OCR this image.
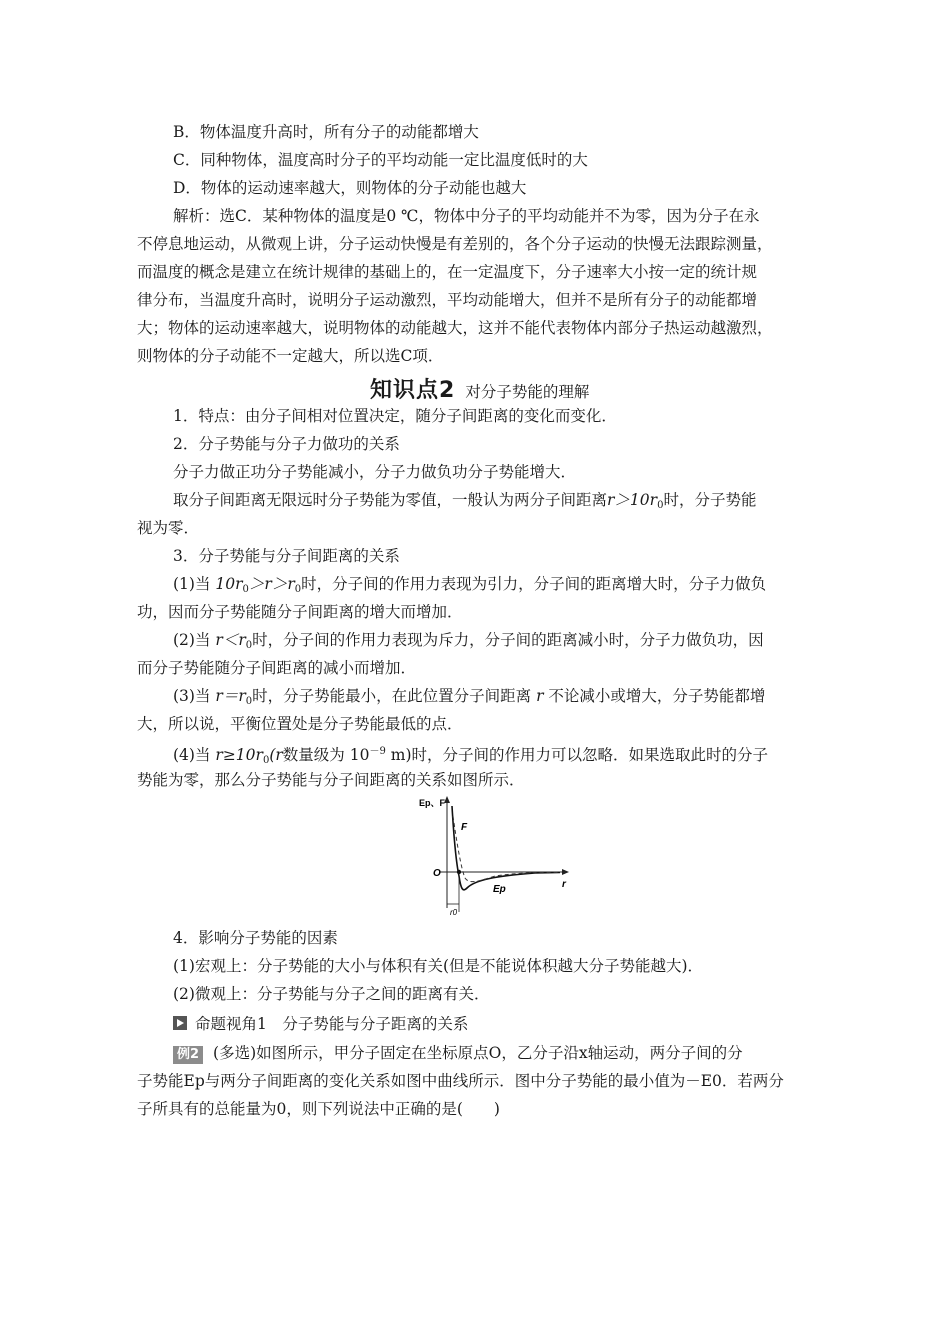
B．物体温度升高时，所有分子的动能都增大
C．同种物体，温度高时分子的平均动能一定比温度低时的大
D．物体的运动速率越大，则物体的分子动能也越大
解析：选C．某种物体的温度是0 ℃，物体中分子的平均动能并不为零，因为分子在永
不停息地运动，从微观上讲，分子运动快慢是有差别的，各个分子运动的快慢无法跟踪测量，
而温度的概念是建立在统计规律的基础上的，在一定温度下，分子速率大小按一定的统计规
律分布，当温度升高时，说明分子运动激烈，平均动能增大，但并不是所有分子的动能都增
大；物体的运动速率越大，说明物体的动能越大，这并不能代表物体内部分子热运动越激烈，
则物体的分子动能不一定越大，所以选C项．
知识点2 对分子势能的理解
1．特点：由分子间相对位置决定，随分子间距离的变化而变化．
2．分子势能与分子力做功的关系
分子力做正功分子势能减小，分子力做负功分子势能增大．
取分子间距离无限远时分子势能为零值，一般认为两分子间距离$r>10r_0$时，分子势能
视为零．
3．分子势能与分子间距离的关系
(1)当 $10r_0>r>r_0$时，分子间的作用力表现为引力，分子间的距离增大时，分子力做负
功，因而分子势能随分子间距离的增大而增加．
(2)当 $r<r_0$时，分子间的作用力表现为斥力，分子间的距离减小时，分子力做负功，因
而分子势能随分子间距离的减小而增加．
(3)当 $r=r_0$时，分子势能最小，在此位置分子间距离 r 不论减小或增大，分子势能都增
大，所以说，平衡位置处是分子势能最低的点．
(4)当 $r\ge 10r_0(r$数量级为 $10^{-9}$ m)时，分子间的作用力可以忽略．如果选取此时的分子
势能为零，那么分子势能与分子间距离的关系如图所示．
Ep、F
F
Ep
O
r
r0
4．影响分子势能的因素
(1)宏观上：分子势能的大小与体积有关(但是不能说体积越大分子势能越大)．
(2)微观上：分子势能与分子之间的距离有关．
命题视角1　分子势能与分子距离的关系
例2 (多选)如图所示，甲分子固定在坐标原点O，乙分子沿x轴运动，两分子间的分
子势能Ep与两分子间距离的变化关系如图中曲线所示．图中分子势能的最小值为－E0．若两分
子所具有的总能量为0，则下列说法中正确的是(　　)
